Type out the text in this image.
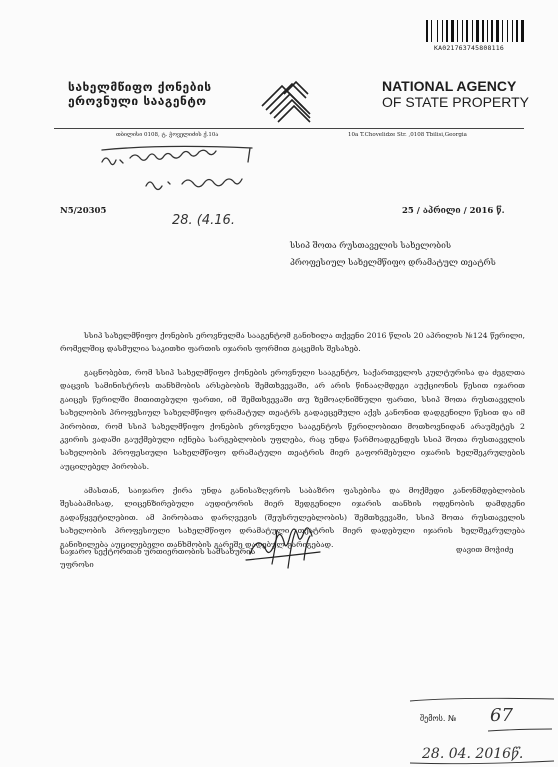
KA021763745808116
სახელმწიფო ქონების
ეროვნული სააგენტო
NATIONAL AGENCY
OF STATE PROPERTY
თბილისი 0108, ტ. ჭოველიძის ქ.10ა	10a T.Chovelidze Str. ,0108 Tbilisi,Georgia
28. (4.16.
N5/20305	25 / აპრილი / 2016 წ.
სსიპ შოთა რუსთაველის სახელობის
პროფესიულ სახელმწიფო დრამატულ თეატრს

სსიპ სახელმწიფო ქონების ეროვნულმა სააგენტომ განიხილა თქვენი 2016 წლის 20 აპრილის №124 წერილი, რომელშიც დასმულია საკითხი ფართის იჯარის ფორმით გაცემის შესახებ.

გაცნობებთ, რომ სსიპ სახელმწიფო ქონების ეროვნული სააგენტო, საქართველოს კულტურისა და ძეგლთა დაცვის სამინისტროს თანხმობის არსებობის შემთხვევაში, არ არის წინააღმდეგი აუქციონის წესით იჯარით გაიცეს წერილში მითითებული ფართი, იმ შემთხვევაში თუ ზემოაღნიშნული ფართი, სსიპ შოთა რუსთაველის სახელობის პროფესიულ სახელმწიფო დრამატულ თეატრს გადაეცემული აქვს კანონით დადგენილი წესით და იმ პირობით, რომ სსიპ სახელმწიფო ქონების ეროვნული სააგენტოს წერილობითი მოთხოვნიდან არაუმეტეს 2 კვირის ვადაში გაუქმებული იქნება სარგებლობის უფლება, რაც უნდა წარმოადგენდეს სსიპ შოთა რუსთაველის სახელობის პროფესიული სახელმწიფო დრამატული თეატრის მიერ გაფორმებული იჯარის ხელშეკრულების აუცილებელ პირობას.

ამასთან, საიჯარო ქირა უნდა განისაზღვროს საბაზრო ფასებისა და მოქმედი კანონმდებლობის შესაბამისად, ლიცენზირებული აუდიტორის მიერ შედგენილი იჯარის თანხის ოდენობის დამდგენი გადაწყვეტილებით. ამ პირობათა დარღვევის (შეუსრულებლობის) შემთხვევაში, სსიპ შოთა რუსთაველის სახელობის პროფესიული სახელმწიფო დრამატული თეატრის მიერ დადებული იჯარის ხელშეკრულება განიხილება აუცილებელი თანხმობის გარეშე დადებულ გარიგებად.

საჯარო სექტორთან ურთიერთობის სამსახურის
უფროსი
დავით მოჭიძე
შემოს. № 67
28. 04. 2016წ.
